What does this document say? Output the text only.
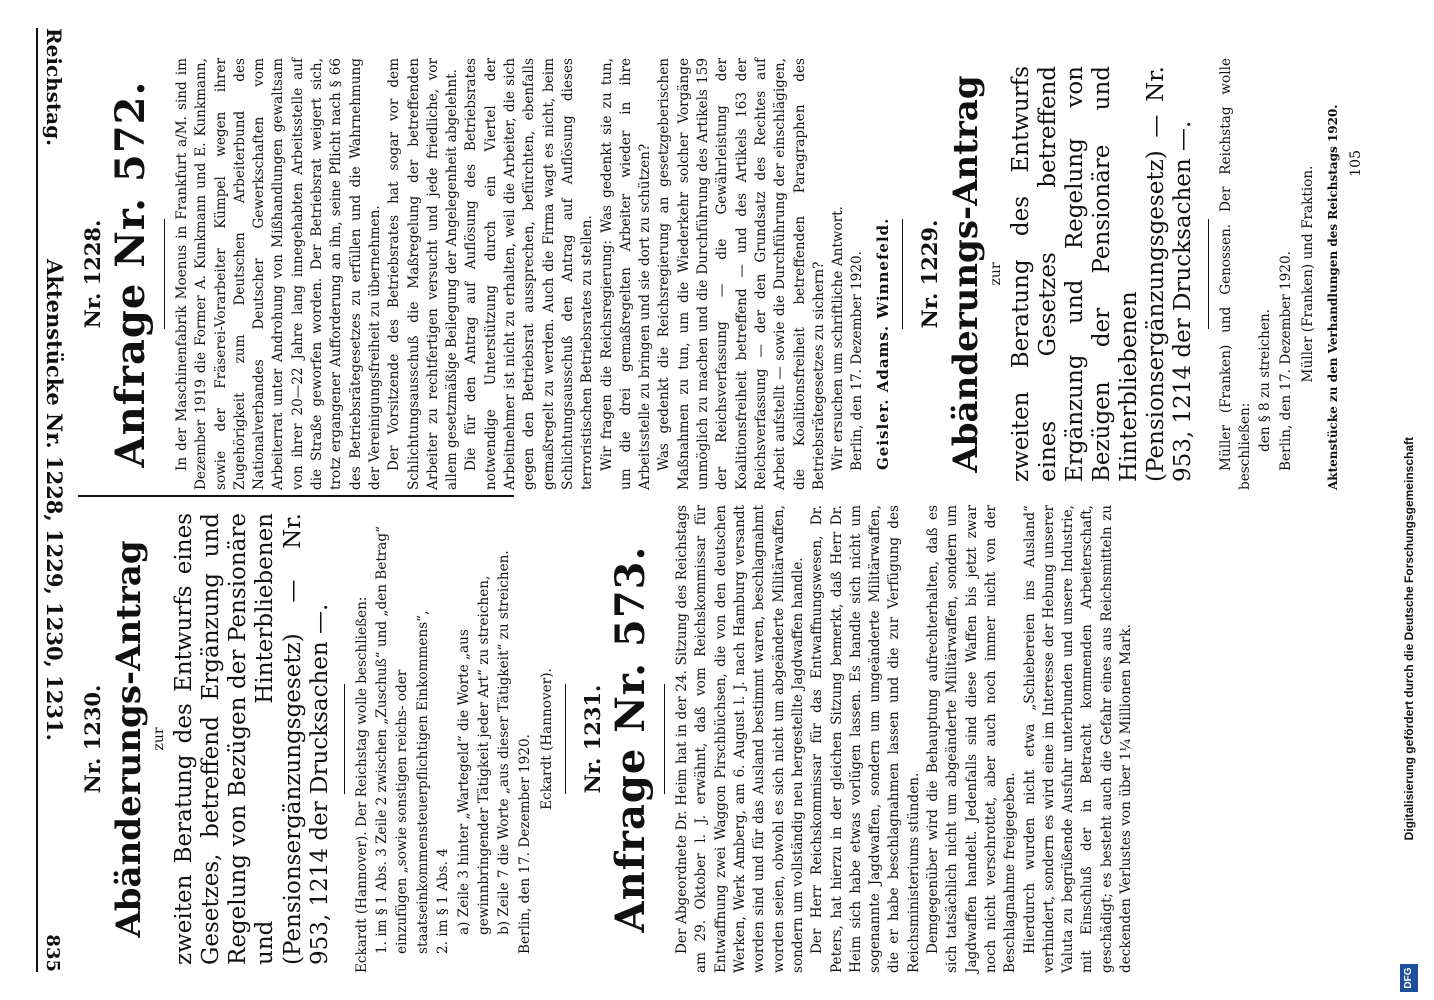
Reichstag.
Aktenstücke Nr. 1228, 1229, 1230, 1231.
835
Nr. 1228. Anfrage Nr. 572. In der Maschinenfabrik Moenus in Frankfurt a/M. sind im Dezember 1919 die Former A. Kunkmann und E. Kunkmann, sowie der Fräserei-Vorarbeiter Kümpel wegen ihrer Zugehörigkeit zum Deutschen Arbeiterbund des Nationalverbandes Deutscher Gewerkschaften vom Arbeiterrat unter Androhung von Mißhandlungen gewaltsam von ihrer 20—22 Jahre lang innegehabten Arbeitsstelle auf die Straße geworfen worden. Der Betriebsrat weigert sich, trotz ergangener Aufforderung an ihn, seine Pflicht nach § 66 des Betriebsrätegesetzes zu erfüllen und die Wahrnehmung der Vereinigungsfreiheit zu übernehmen. Der Vorsitzende des Betriebsrates hat sogar vor dem Schlichtungsausschuß die Maßregelung der betreffenden Arbeiter zu rechtfertigen versucht und jede friedliche, vor allem gesetzmäßige Beilegung der Angelegenheit abgelehnt. Die für den Antrag auf Auflösung des Betriebsrates notwendige Unterstützung durch ein Viertel der Arbeitnehmer ist nicht zu erhalten, weil die Arbeiter, die sich gegen den Betriebsrat aussprechen, befürchten, ebenfalls gemaßregelt zu werden. Auch die Firma wagt es nicht, beim Schlichtungsausschuß den Antrag auf Auflösung dieses terroristischen Betriebsrates zu stellen. Wir fragen die Reichsregierung: Was gedenkt sie zu tun, um die drei gemaßregelten Arbeiter wieder in ihre Arbeitsstelle zu bringen und sie dort zu schützen? Was gedenkt die Reichsregierung an gesetzgeberischen Maßnahmen zu tun, um die Wiederkehr solcher Vorgänge unmöglich zu machen und die Durchführung des Artikels 159 der Reichsverfassung — die Gewährleistung der Koalitionsfreiheit betreffend — und des Artikels 163 der Reichsverfassung — der den Grundsatz des Rechtes auf Arbeit aufstellt — sowie die Durchführung der einschlägigen, die Koalitionsfreiheit betreffenden Paragraphen des Betriebsrätegesetzes zu sichern? Wir ersuchen um schriftliche Antwort. Berlin, den 17. Dezember 1920. Geisler. Adams. Winnefeld. Nr. 1229. Abänderungs-Antrag zur zweiten Beratung des Entwurfs eines Gesetzes betreffend Ergänzung und Regelung von Bezügen der Pensionäre und Hinterbliebenen (Pensionsergänzungsgesetz) — Nr. 953, 1214 der Drucksachen —. Müller (Franken) und Genossen. Der Reichstag wolle beschließen: den § 8 zu streichen. Berlin, den 17. Dezember 1920. Müller (Franken) und Fraktion. Aktenstücke zu den Verhandlungen des Reichstags 1920.
Nr. 1230. Abänderungs-Antrag zur zweiten Beratung des Entwurfs eines Gesetzes, betreffend Ergänzung und Regelung von Bezügen der Pensionäre und Hinterbliebenen (Pensionsergänzungsgesetz) — Nr. 953, 1214 der Drucksachen —. Eckardt (Hannover). Der Reichstag wolle beschließen: 1. im § 1 Abs. 3 Zeile 2 zwischen „Zuschuß“ und „den Betrag“ einzufügen „sowie sonstigen reichs- oder staatseinkommensteuerpflichtigen Einkommens“, 2. im § 1 Abs. 4 a) Zeile 3 hinter „Wartegeld“ die Worte „aus gewinnbringender Tätigkeit jeder Art“ zu streichen, b) Zeile 7 die Worte „aus dieser Tätigkeit“ zu streichen. Berlin, den 17. Dezember 1920. Eckardt (Hannover). Nr. 1231. Anfrage Nr. 573. Der Abgeordnete Dr. Heim hat in der 24. Sitzung des Reichstags am 29. Oktober l. J. erwähnt, daß vom Reichskommissar für Entwaffnung zwei Waggon Pirschbüchsen, die von den deutschen Werken, Werk Amberg, am 6. August l. J. nach Hamburg versandt worden sind und für das Ausland bestimmt waren, beschlagnahmt worden seien, obwohl es sich nicht um abgeänderte Militärwaffen, sondern um vollständig neu hergestellte Jagdwaffen handle. Der Herr Reichskommissar für das Entwaffnungswesen, Dr. Peters, hat hierzu in der gleichen Sitzung bemerkt, daß Herr Dr. Heim sich habe etwas vorlügen lassen. Es handle sich nicht um sogenannte Jagdwaffen, sondern um umgeänderte Militärwaffen, die er habe beschlagnahmen lassen und die zur Verfügung des Reichsministeriums stünden. Demgegenüber wird die Behauptung aufrechterhalten, daß es sich tatsächlich nicht um abgeänderte Militärwaffen, sondern um Jagdwaffen handelt. Jedenfalls sind diese Waffen bis jetzt zwar noch nicht verschrottet, aber auch noch immer nicht von der Beschlagnahme freigegeben. Hierdurch wurden nicht etwa „Schiebereien ins Ausland“ verhindert, sondern es wird eine im Interesse der Hebung unserer Valuta zu begrüßende Ausfuhr unterbunden und unsere Industrie, mit Einschluß der in Betracht kommenden Arbeiterschaft, geschädigt; es besteht auch die Gefahr eines aus Reichsmitteln zu deckenden Verlustes von über 1¼ Millionen Mark.

105
Digitalisierung gefördert durch die Deutsche Forschungsgemeinschaft
DFG
